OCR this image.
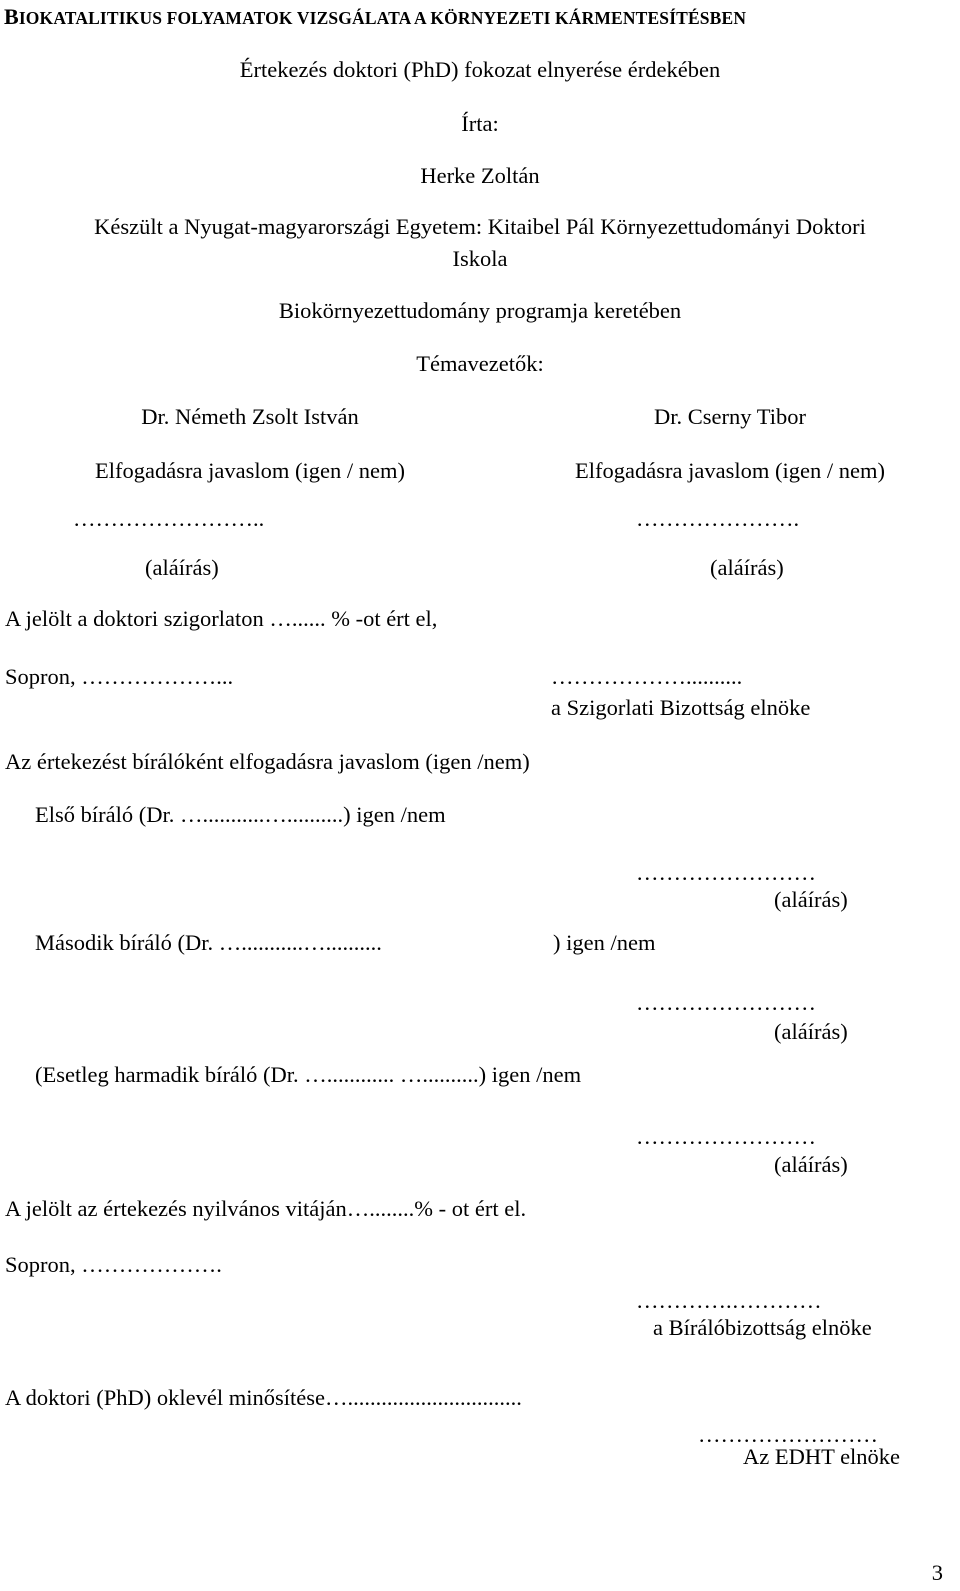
BIOKATALITIKUS FOLYAMATOK VIZSGÁLATA A KÖRNYEZETI KÁRMENTESÍTÉSBEN
Értekezés doktori (PhD) fokozat elnyerése érdekében
Írta:
Herke Zoltán
Készült a Nyugat-magyarországi Egyetem: Kitaibel Pál Környezettudományi Doktori
Iskola
Biokörnyezettudomány programja keretében
Témavezetők:
Dr. Németh Zsolt István
Elfogadásra javaslom (igen / nem)
……………………..
(aláírás)
Dr. Cserny Tibor
Elfogadásra javaslom (igen / nem)
………………….
(aláírás)
A jelölt a doktori szigorlaton …...... % -ot ért el,
Sopron, ………………...	………………..........
a Szigorlati Bizottság elnöke
Az értekezést bírálóként elfogadásra javaslom (igen /nem)
Első bíráló (Dr. …...........…..........) igen /nem
……………………
(aláírás)
Második bíráló (Dr. …...........…..........	) igen /nem
……………………
(aláírás)
(Esetleg harmadik bíráló (Dr. …............ …..........) igen /nem
……………………
(aláírás)
A jelölt az értekezés nyilvános vitáján…........% - ot ért el.
Sopron, ……………….
………….…………
a Bírálóbizottság elnöke
A doktori (PhD) oklevél minősítése…...............................
……………………
Az EDHT elnöke
3
